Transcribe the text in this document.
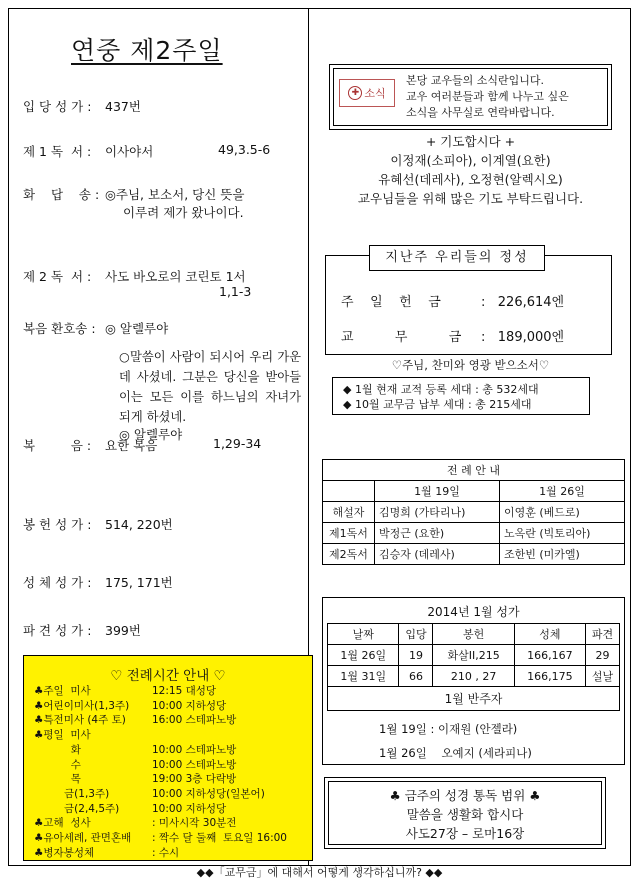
연중 제2주일
입 당 성 가 : 437번
제 1 독  서 : 이사야서	49,3.5-6
화    답    송 : ◎주님, 보소서, 당신 뜻을
이루려 제가 왔나이다.
제 2 독  서 : 사도 바오로의 코린토 1서
1,1-3
복음 환호송 : ◎ 알렐루야
○말씀이 사람이 되시어 우리 가운데 사셨네. 그분은 당신을 받아들이는 모든 이를 하느님의 자녀가 되게 하셨네.
◎ 알렐루야
복         음 : 요한 복음	1,29-34
봉 헌 성 가 : 514, 220번
성 체 성 가 : 175, 171번
파 견 성 가 : 399번
♡ 전례시간 안내 ♡
♣주일  미사	12:15 대성당
♣어린이미사(1,3주)	10:00 지하성당
♣특전미사 (4주 토)	16:00 스테파노방
♣평일  미사
화	10:00 스테파노방
수	10:00 스테파노방
목	19:00 3층 다락방
금(1,3주)	10:00 지하성당(일본어)
금(2,4,5주)	10:00 지하성당
♣고해  성사	: 미사시작 30분전
♣유아세례, 관면혼배	: 짝수 달 둘째  토요일 16:00
♣병자봉성체	: 수시
✚ 소식
본당 교우들의 소식란입니다.
교우 여러분들과 함께 나누고 싶은
소식을 사무실로 연락바랍니다.
+ 기도합시다 +
이정재(소피아), 이계열(요한)
유혜선(데레사), 오정현(알렉시오)
교우님들을 위해 많은 기도 부탁드립니다.
지난주 우리들의 정성
주    일    헌    금	:   226,614엔
교          무          금 :   189,000엔
♡주님, 찬미와 영광 받으소서♡
◆ 1월 현재 교적 등록 세대 : 총 532세대
◆ 10월 교무금 납부 세대 : 총 215세대
전 례 안 내		
	1월 19일	1월 26일
해설자	김명희 (가타리나)	이영훈 (베드로)
제1독서	박정근 (요한)	노옥란 (빅토리아)
제2독서	김승자 (데레사)	조한빈 (미카엘)
2014년 1월 성가
날짜	입당	봉헌	성체	파견
1월 26일	19	화살II,215	166,167	29
1월 31일	66	210 , 27	166,175	설날
1월 반주자				
1월 19일 : 이재원 (안젤라)
1월 26일    오예지 (세라피나)
♣ 금주의 성경 통독 범위 ♣
말씀을 생활화 합시다
사도27장 – 로마16장
◆◆「교무금」에 대해서 어떻게 생각하십니까? ◆◆
